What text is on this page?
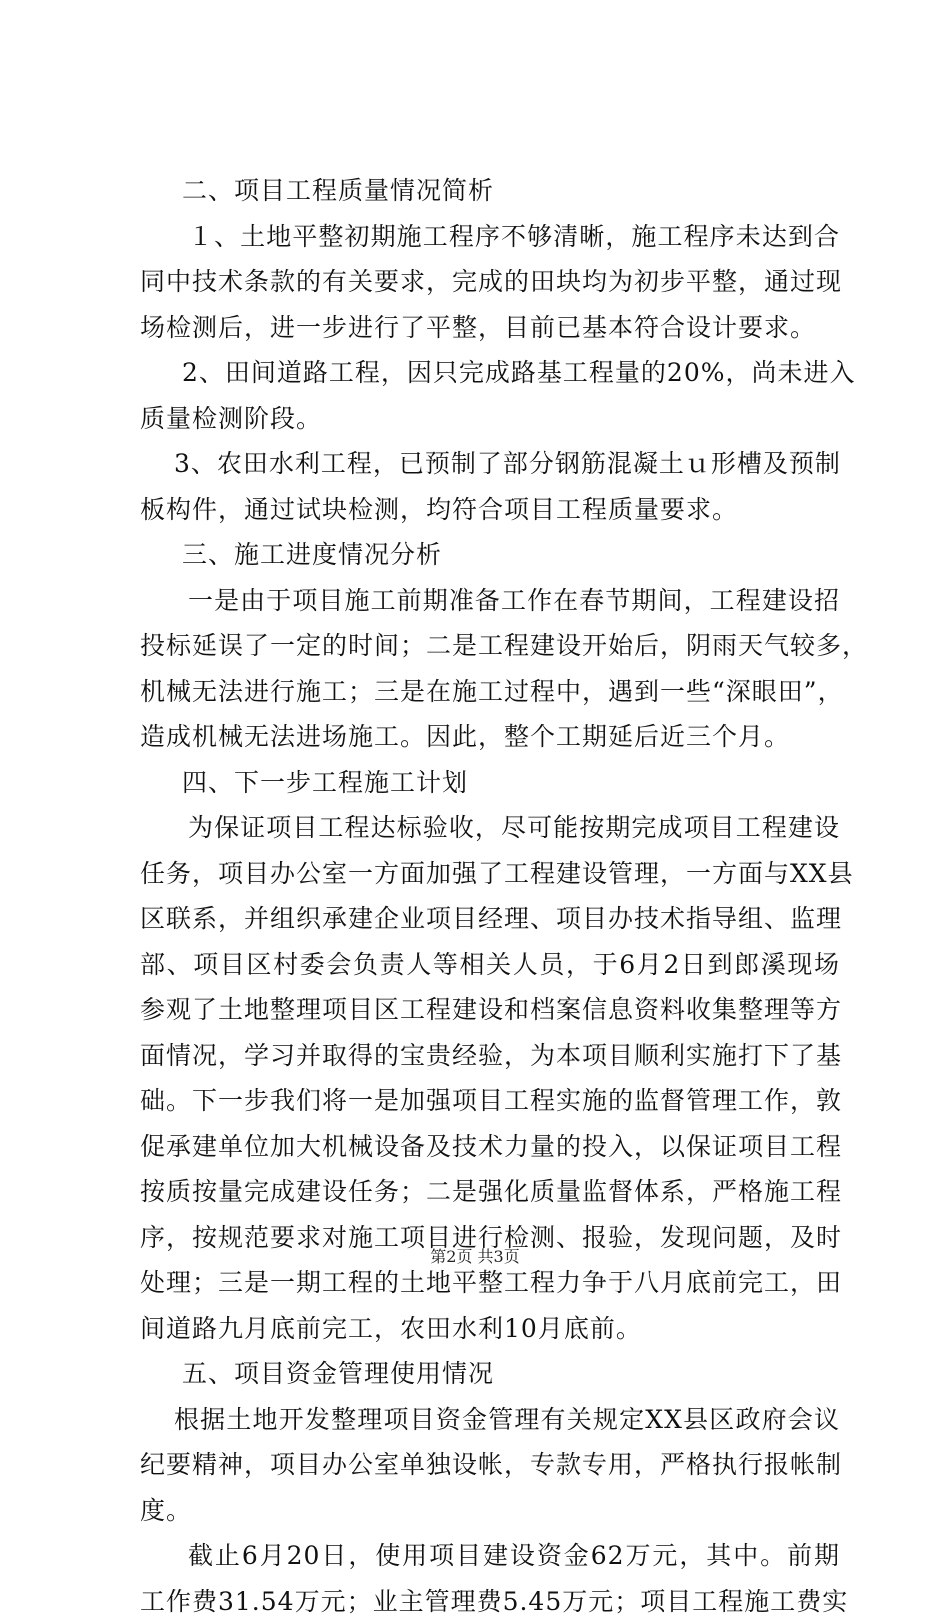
二、项目工程质量情况简析
１、土地平整初期施工程序不够清晰，施工程序未达到合
同中技术条款的有关要求，完成的田块均为初步平整，通过现
场检测后，进一步进行了平整，目前已基本符合设计要求。
2、田间道路工程，因只完成路基工程量的20%，尚未进入
质量检测阶段。
3、农田水利工程，已预制了部分钢筋混凝土ｕ形槽及预制
板构件，通过试块检测，均符合项目工程质量要求。
三、施工进度情况分析
一是由于项目施工前期准备工作在春节期间，工程建设招
投标延误了一定的时间；二是工程建设开始后，阴雨天气较多，
机械无法进行施工；三是在施工过程中，遇到一些“深眼田”，
造成机械无法进场施工。因此，整个工期延后近三个月。
四、下一步工程施工计划
为保证项目工程达标验收，尽可能按期完成项目工程建设
任务，项目办公室一方面加强了工程建设管理，一方面与XX县
区联系，并组织承建企业项目经理、项目办技术指导组、监理
部、项目区村委会负责人等相关人员，于6月2日到郎溪现场
参观了土地整理项目区工程建设和档案信息资料收集整理等方
面情况，学习并取得的宝贵经验，为本项目顺利实施打下了基
础。下一步我们将一是加强项目工程实施的监督管理工作，敦
促承建单位加大机械设备及技术力量的投入，以保证项目工程
按质按量完成建设任务；二是强化质量监督体系，严格施工程
序，按规范要求对施工项目进行检测、报验，发现问题，及时
处理；三是一期工程的土地平整工程力争于八月底前完工，田
间道路九月底前完工，农田水利10月底前。
五、项目资金管理使用情况
根据土地开发整理项目资金管理有关规定XX县区政府会议
纪要精神，项目办公室单独设帐，专款专用，严格执行报帐制
度。
截止6月20日，使用项目建设资金62万元，其中。前期
工作费31.54万元；业主管理费5.45万元；项目工程施工费实
第2页 共3页
